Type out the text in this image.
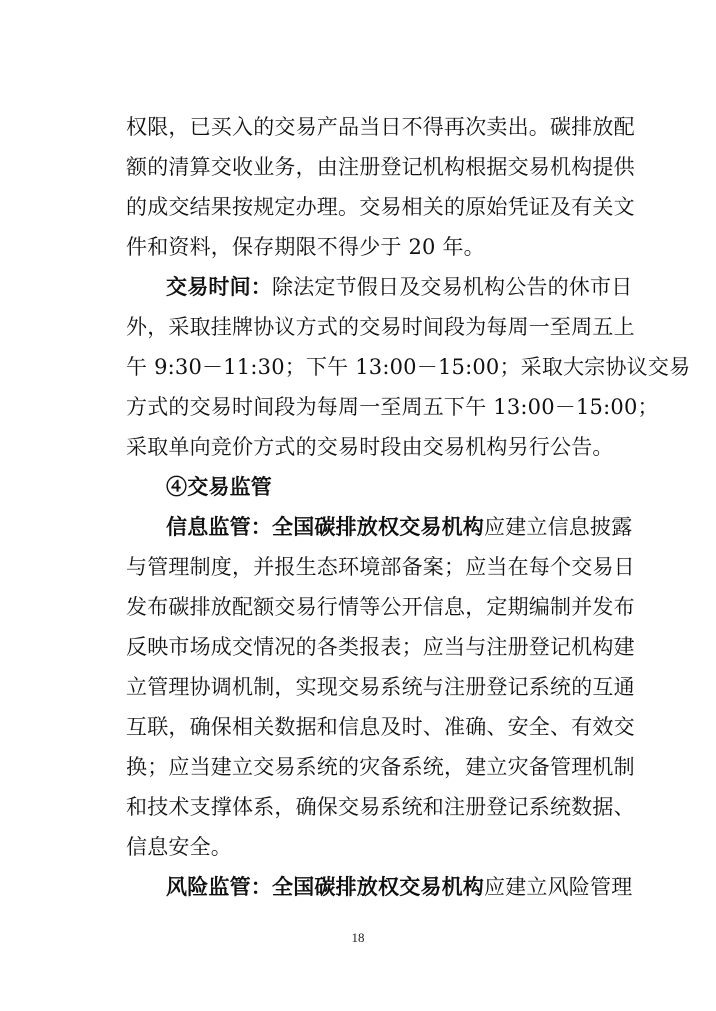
权限，已买入的交易产品当日不得再次卖出。碳排放配
额的清算交收业务，由注册登记机构根据交易机构提供
的成交结果按规定办理。交易相关的原始凭证及有关文
件和资料，保存期限不得少于 20 年。
交易时间：除法定节假日及交易机构公告的休市日
外，采取挂牌协议方式的交易时间段为每周一至周五上
午 9:30－11:30；下午 13:00－15:00；采取大宗协议交易
方式的交易时间段为每周一至周五下午 13:00－15:00；
采取单向竞价方式的交易时段由交易机构另行公告。
④交易监管
信息监管：全国碳排放权交易机构应建立信息披露
与管理制度，并报生态环境部备案；应当在每个交易日
发布碳排放配额交易行情等公开信息，定期编制并发布
反映市场成交情况的各类报表；应当与注册登记机构建
立管理协调机制，实现交易系统与注册登记系统的互通
互联，确保相关数据和信息及时、准确、安全、有效交
换；应当建立交易系统的灾备系统，建立灾备管理机制
和技术支撑体系，确保交易系统和注册登记系统数据、
信息安全。
风险监管：全国碳排放权交易机构应建立风险管理
18
